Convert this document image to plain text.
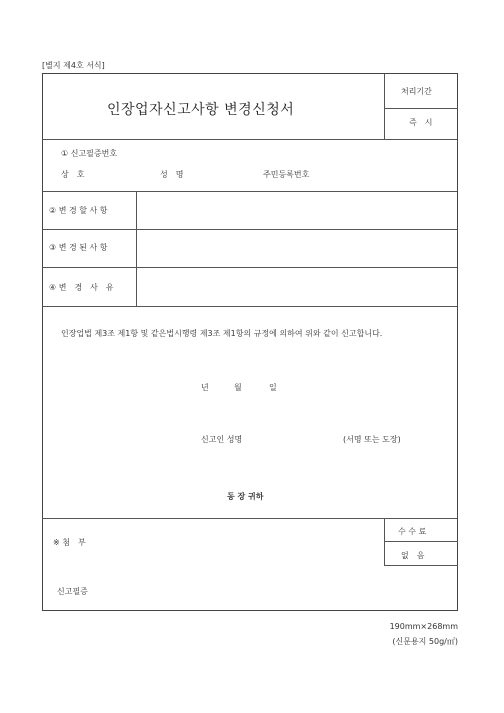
[별지 제4호 서식]
인장업자신고사항 변경신청서
처리기간
즉　시
① 신고필증번호
상　호	성　명	주민등록번호
② 변 경 할 사 항
③ 변 경 된 사 항
④ 변　경　사　유
인장업법 제3조 제1항 및 같은법시행령 제3조 제1항의 규정에 의하여 위와 같이 신고합니다.
년	월	일
신고인 성명	(서명 또는 도장)
동 장 귀하
수 수 료
없　음
※ 첨　부
신고필증
190mm×268mm
(신문용지 50g/㎡)
